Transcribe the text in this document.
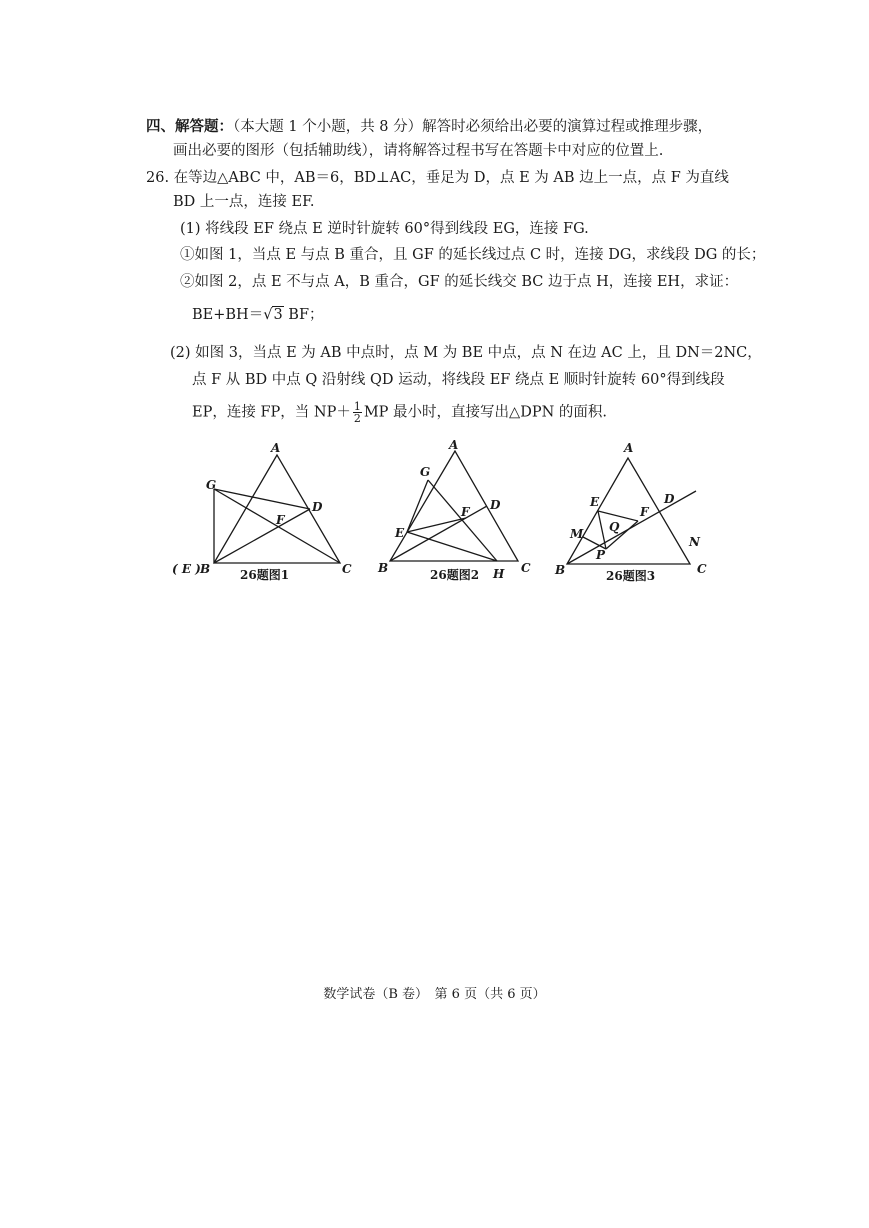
四、解答题：（本大题 1 个小题，共 8 分）解答时必须给出必要的演算过程或推理步骤，
画出必要的图形（包括辅助线），请将解答过程书写在答题卡中对应的位置上.
26. 在等边△ABC 中，AB＝6，BD⊥AC，垂足为 D，点 E 为 AB 边上一点，点 F 为直线
BD 上一点，连接 EF.
(1) 将线段 EF 绕点 E 逆时针旋转 60°得到线段 EG，连接 FG.
①如图 1，当点 E 与点 B 重合，且 GF 的延长线过点 C 时，连接 DG，求线段 DG 的长；
②如图 2，点 E 不与点 A，B 重合，GF 的延长线交 BC 边于点 H，连接 EH，求证：
BE+BH＝√3 BF；
(2) 如图 3，当点 E 为 AB 中点时，点 M 为 BE 中点，点 N 在边 AC 上，且 DN＝2NC，
点 F 从 BD 中点 Q 沿射线 QD 运动，将线段 EF 绕点 E 顺时针旋转 60°得到线段
EP，连接 FP，当 $NP+ \frac{1}{2}$ MP 最小时，直接写出△DPN 的面积.
A
G
D
F
( E ) B	C
26题图1
A
G
F D
E
B	H C
26题图2
A
E	D
F
M Q
P
N
B	C
26题图3
数学试卷（B 卷）　第 6 页（共 6 页）
